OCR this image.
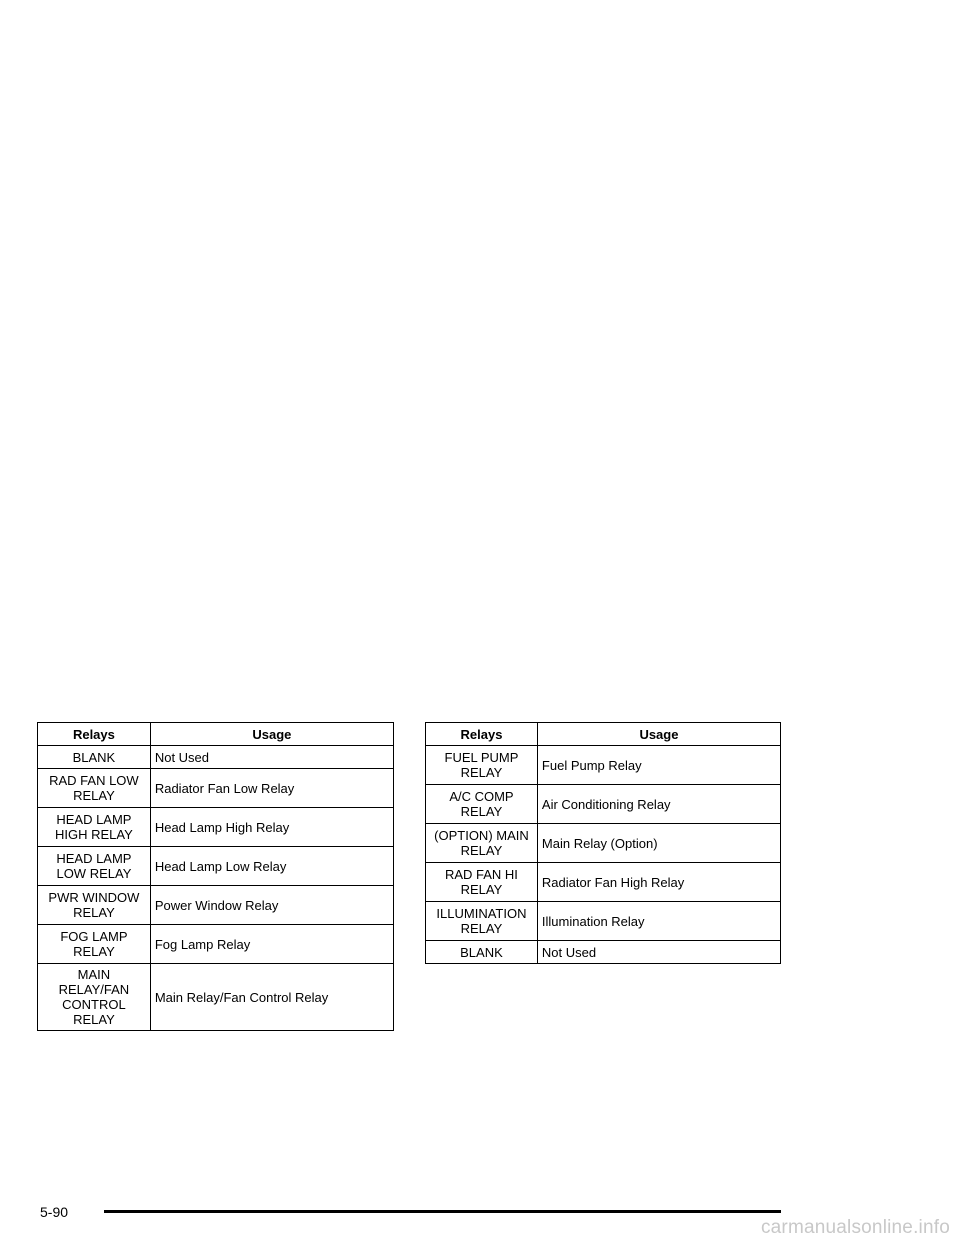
Relays	Usage
BLANK	Not Used
RAD FAN LOW RELAY	Radiator Fan Low Relay
HEAD LAMP HIGH RELAY	Head Lamp High Relay
HEAD LAMP LOW RELAY	Head Lamp Low Relay
PWR WINDOW RELAY	Power Window Relay
FOG LAMP RELAY	Fog Lamp Relay
MAIN RELAY/FAN CONTROL RELAY	Main Relay/Fan Control Relay
Relays	Usage
FUEL PUMP RELAY	Fuel Pump Relay
A/C COMP RELAY	Air Conditioning Relay
(OPTION) MAIN RELAY	Main Relay (Option)
RAD FAN HI RELAY	Radiator Fan High Relay
ILLUMINATION RELAY	Illumination Relay
BLANK	Not Used
5-90
carmanualsonline.info
